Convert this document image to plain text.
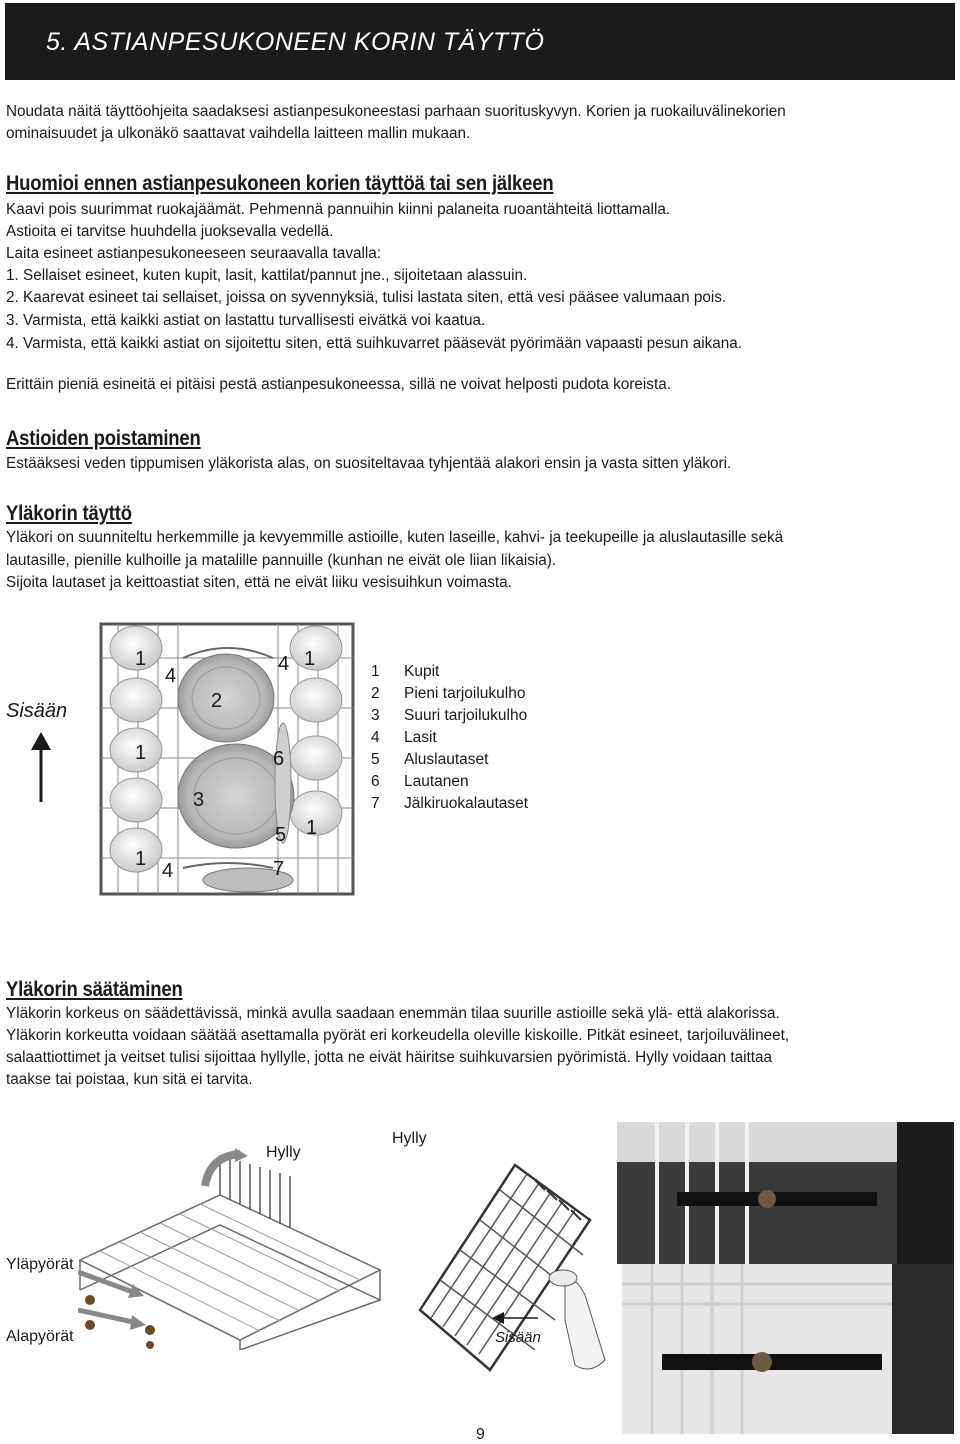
5. ASTIANPESUKONEEN KORIN TÄYTTÖ
Noudata näitä täyttöohjeita saadaksesi astianpesukoneestasi parhaan suorituskyvyn. Korien ja ruokailuvälinekorien
ominaisuudet ja ulkonäkö saattavat vaihdella laitteen mallin mukaan.
Huomioi ennen astianpesukoneen korien täyttöä tai sen jälkeen
Kaavi pois suurimmat ruokajäämät. Pehmennä pannuihin kiinni palaneita ruoantähteitä liottamalla.
Astioita ei tarvitse huuhdella juoksevalla vedellä.
Laita esineet astianpesukoneeseen seuraavalla tavalla:
1. Sellaiset esineet, kuten kupit, lasit, kattilat/pannut jne., sijoitetaan alassuin.
2. Kaarevat esineet tai sellaiset, joissa on syvennyksiä, tulisi lastata siten, että vesi pääsee valumaan pois.
3. Varmista, että kaikki astiat on lastattu turvallisesti eivätkä voi kaatua.
4. Varmista, että kaikki astiat on sijoitettu siten, että suihkuvarret pääsevät pyörimään vapaasti pesun aikana.
Erittäin pieniä esineitä ei pitäisi pestä astianpesukoneessa, sillä ne voivat helposti pudota koreista.
Astioiden poistaminen
Estääksesi veden tippumisen yläkorista alas, on suositeltavaa tyhjentää alakori ensin ja vasta sitten yläkori.
Yläkorin täyttö
Yläkori on suunniteltu herkemmille ja kevyemmille astioille, kuten laseille, kahvi- ja teekupeille ja aluslautasille sekä
lautasille, pienille kulhoille ja matalille pannuille (kunhan ne eivät ole liian likaisia).
Sijoita lautaset ja keittoastiat siten, että ne eivät liiku vesisuihkun voimasta.
Sisään
1
4
2
4 1
1	6
3
1
5
1
4	7
1 Kupit
2 Pieni tarjoilukulho
3 Suuri tarjoilukulho
4 Lasit
5 Aluslautaset
6 Lautanen
7 Jälkiruokalautaset
Yläkorin säätäminen
Yläkorin korkeus on säädettävissä, minkä avulla saadaan enemmän tilaa suurille astioille sekä ylä- että alakorissa.
Yläkorin korkeutta voidaan säätää asettamalla pyörät eri korkeudella oleville kiskoille. Pitkät esineet, tarjoiluvälineet,
salaattiottimet ja veitset tulisi sijoittaa hyllylle, jotta ne eivät häiritse suihkuvarsien pyörimistä. Hylly voidaan taittaa
taakse tai poistaa, kun sitä ei tarvita.
Hylly
Yläpyörät
Alapyörät
Hylly
Sisään
9
